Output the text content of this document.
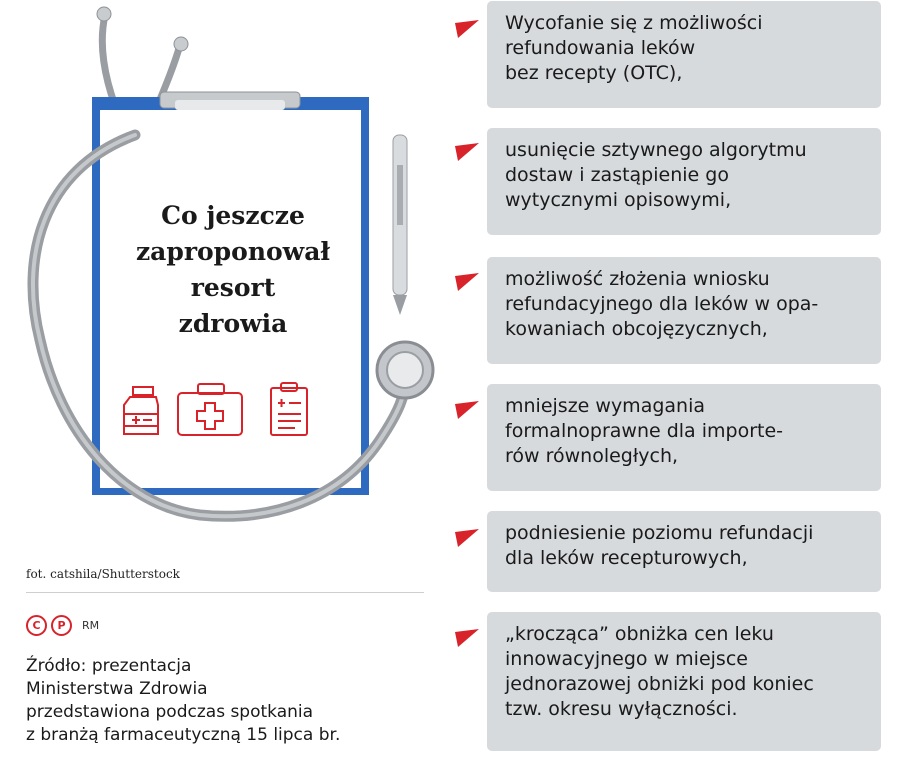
Co jeszcze
zaproponował
resort
zdrowia
fot. catshila/Shutterstock
C	P	RM
Źródło: prezentacja
Ministerstwa Zdrowia
przedstawiona podczas spotkania
z branżą farmaceutyczną 15 lipca br.
Wycofanie się z możliwości
refundowania leków
bez recepty (OTC),
usunięcie sztywnego algorytmu
dostaw i zastąpienie go
wytycznymi opisowymi,
możliwość złożenia wniosku
refundacyjnego dla leków w opa-
kowaniach obcojęzycznych,
mniejsze wymagania
formalnoprawne dla importe-
rów równoległych,
podniesienie poziomu refundacji
dla leków recepturowych,
„krocząca” obniżka cen leku
innowacyjnego w miejsce
jednorazowej obniżki pod koniec
tzw. okresu wyłączności.
